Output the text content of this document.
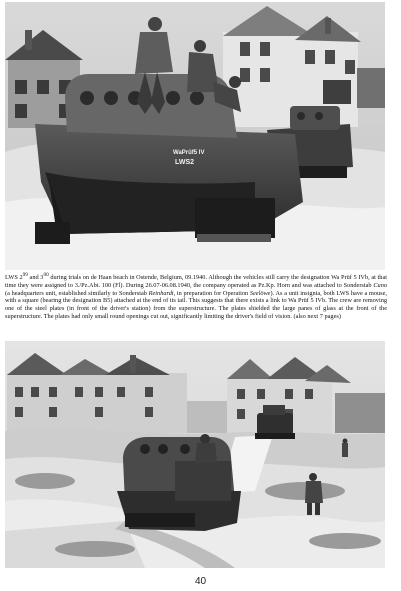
WaPrüf5 IV
LWS2

LWS $2^{99}$ and $3^{00}$ during trials on de Haan beach in Ostende, Belgium, 09.1940. Although the vehicles still carry the designation Wa Prüf 5 IVb, at that time they were assigned to 3./Pz.Abt. 100 (Fl). During 26.07-06.08.1940, the company operated as Pz.Kp. Horn and was attached to Sonderstab Cuno (a headquarters unit, established similarly to Sonderstab Reinhardt, in preparation for Operation Seelöwe). As a unit insignia, both LWS have a mouse, with a square (bearing the designation B5) attached at the end of its tail. This suggests that there exists a link to Wa Prüf 5 IVb. The crew are removing one of the steel plates (in front of the driver's station) from the superstructure. The plates shielded the large panes of glass at the front of the superstructure. The plates had only small round openings cut out, significantly limiting the driver's field of vision. (also next 7 pages)

40
